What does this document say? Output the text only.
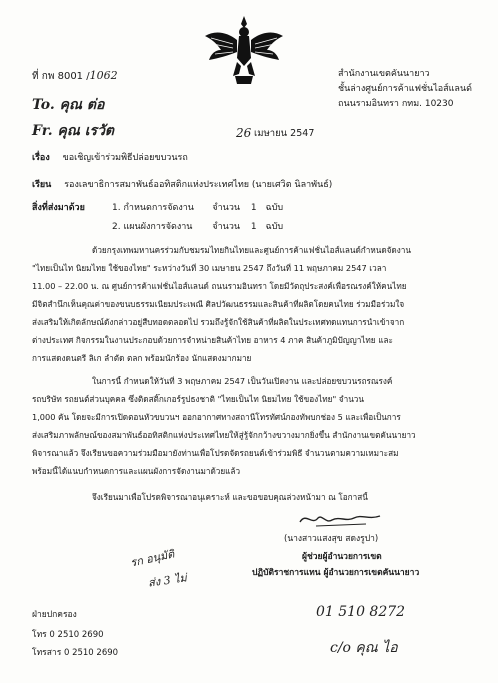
ที่ กพ 8001 /1062	สำนักงานเขตคันนายาว
ชั้นล่างศูนย์การค้าแฟชั่นไอส์แลนด์
ถนนรามอินทรา กทม. 10230
To. คุณ ต่อ
Fr. คุณ เรวัต	26 เมษายน 2547
เรื่อง ขอเชิญเข้าร่วมพิธีปล่อยขบวนรถ
เรียน รองเลขาธิการสมาพันธ์ออทิสติกแห่งประเทศไทย (นายเศวิต นิลาพันธ์)
สิ่งที่ส่งมาด้วย	1. กำหนดการจัดงาน จำนวน 1 ฉบับ
2. แผนผังการจัดงาน จำนวน 1 ฉบับ
ด้วยกรุงเทพมหานครร่วมกับชมรมไทยกินไทยและศูนย์การค้าแฟชั่นไอส์แลนด์กำหนดจัดงาน
"ไทยเป็นไท นิยมไทย ใช้ของไทย" ระหว่างวันที่ 30 เมษายน 2547 ถึงวันที่ 11 พฤษภาคม 2547 เวลา
11.00 – 22.00 น. ณ ศูนย์การค้าแฟชั่นไอส์แลนด์ ถนนรามอินทรา โดยมีวัตถุประสงค์เพื่อรณรงค์ให้คนไทย
มีจิตสำนึกเห็นคุณค่าของขนบธรรมเนียมประเพณี ศิลปวัฒนธรรมและสินค้าที่ผลิตโดยคนไทย ร่วมมือร่วมใจ
ส่งเสริมให้เกิดลักษณ์ดังกล่าวอยู่สืบทอดตลอดไป รวมถึงรู้จักใช้สินค้าที่ผลิตในประเทศทดแทนการนำเข้าจาก
ต่างประเทศ กิจกรรมในงานประกอบด้วยการจำหน่ายสินค้าไทย อาหาร 4 ภาค สินค้าภูมิปัญญาไทย และ
การแสดงดนตรี ลิเก ลำตัด ตลก พร้อมนักร้อง นักแสดงมากมาย
ในการนี้ กำหนดให้วันที่ 3 พฤษภาคม 2547 เป็นวันเปิดงาน และปล่อยขบวนรถรณรงค์
รถบริษัท รถยนต์ส่วนบุคคล ซึ่งติดสติ๊กเกอร์รูปธงชาติ "ไทยเป็นไท นิยมไทย ใช้ของไทย" จำนวน
1,000 คัน โดยจะมีการเปิดตอนหัวขบวนฯ ออกอากาศทางสถานีโทรทัศน์กองทัพบกช่อง 5 และเพื่อเป็นการ
ส่งเสริมภาพลักษณ์ของสมาพันธ์ออทิสติกแห่งประเทศไทยให้สู่รู้จักกว้างขวางมากยิ่งขึ้น สำนักงานเขตคันนายาว
พิจารณาแล้ว จึงเรียนขอความร่วมมือมายังท่านเพื่อโปรดจัดรถยนต์เข้าร่วมพิธี จำนวนตามความเหมาะสม
พร้อมนี้ได้แนบกำหนดการและแผนผังการจัดงานมาด้วยแล้ว
จึงเรียนมาเพื่อโปรดพิจารณาอนุเคราะห์ และขอขอบคุณล่วงหน้ามา ณ โอกาสนี้
(นางสาวแสงสุข สดงรูปา)
ผู้ช่วยผู้อำนวยการเขต
ปฏิบัติราชการแทน ผู้อำนวยการเขตคันนายาว
รก อนุมัติ
ส่ง 3 ไม่
01 510 8272
c/o คุณ ไอ
ฝ่ายปกครอง
โทร 0 2510 2690
โทรสาร 0 2510 2690
